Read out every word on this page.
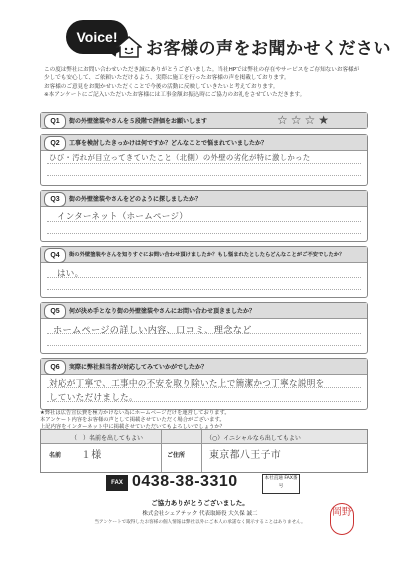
Voice!
お客様の声をお聞かせください

この度は弊社にお問い合わせいただき誠にありがとうございました。当社HPでは弊社の存在やサービスをご存知ないお客様が

少しでも安心して、ご依頼いただけるよう、実際に施工を行ったお客様の声を掲載しております。

お客様のご意見をお聞かせいただくことで今後の活動に反映していきたいと考えております。

※本アンケートにご記入いただいたお客様には工事金額お振込時にご協力のお礼をさせていただきます。

Q1	街の外壁塗装やさんを５段階で評価をお願いします	☆☆☆★
Q2	工事を検討したきっかけは何ですか？どんなことで悩まれていましたか？
ひび・汚れが目立ってきていたこと（北側）の外壁の劣化が特に激しかった
Q3	街の外壁塗装やさんをどのように探しましたか？
インターネット（ホームページ）
Q4	街の外壁塗装やさんを知りすぐにお問い合わせ頂けましたか？もし悩まれたとしたらどんなことがご不安でしたか？
はい。
Q5	何が決め手となり街の外壁塗装やさんにお問い合わせ頂きましたか？
ホームページの詳しい内容、口コミ、理念など
Q6	実際に弊社担当者が対応してみていかがでしたか？
対応が丁寧で、工事中の不安を取り除いた上で簡潔かつ丁寧な説明を
していただけました。

★弊社は広告宣伝費を極力かけない為にホームページだけを運営しております。

本アンケート内容をお客様の声として掲載させていただく場合がございます。

上記内容をインターネット中に掲載させていただいてもよろしいでしょうか？

（　）名前を出してもよい	（○）イニシャルなら出してもよい
名前 １様	ご住所 東京都八王子市
FAX 0438-38-3310	本社直通 FAX番号
ご協力ありがとうございました。
株式会社シェアテック 代表取締役 大久保 誠二
当アンケートで取得したお客様の個人情報は弊社以外にご本人の承諾なく開示することはありません。
岡野
